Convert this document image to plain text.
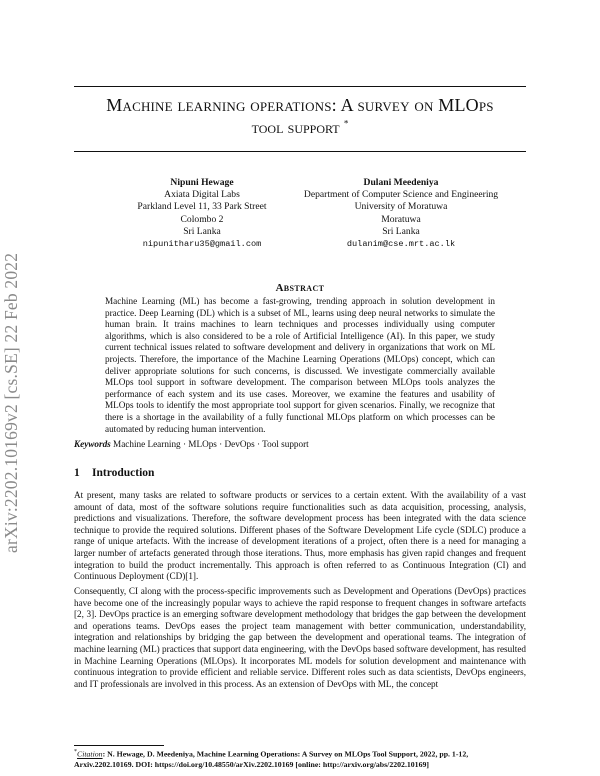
arXiv:2202.10169v2 [cs.SE] 22 Feb 2022
Machine learning operations: A survey on MLOps
tool support *
Nipuni Hewage
Axiata Digital Labs
Parkland Level 11, 33 Park Street
Colombo 2
Sri Lanka
nipunitharu35@gmail.com
Dulani Meedeniya
Department of Computer Science and Engineering
University of Moratuwa
Moratuwa
Sri Lanka
dulanim@cse.mrt.ac.lk
Abstract
Machine Learning (ML) has become a fast-growing, trending approach in solution development in practice. Deep Learning (DL) which is a subset of ML, learns using deep neural networks to simulate the human brain. It trains machines to learn techniques and processes individually using computer algorithms, which is also considered to be a role of Artificial Intelligence (AI). In this paper, we study current technical issues related to software development and delivery in organizations that work on ML projects. Therefore, the importance of the Machine Learning Operations (MLOps) concept, which can deliver appropriate solutions for such concerns, is discussed. We investigate commercially available MLOps tool support in software development. The comparison between MLOps tools analyzes the performance of each system and its use cases. Moreover, we examine the features and usability of MLOps tools to identify the most appropriate tool support for given scenarios. Finally, we recognize that there is a shortage in the availability of a fully functional MLOps platform on which processes can be automated by reducing human intervention.
Keywords Machine Learning · MLOps · DevOps · Tool support
1 Introduction
At present, many tasks are related to software products or services to a certain extent. With the availability of a vast amount of data, most of the software solutions require functionalities such as data acquisition, processing, analysis, predictions and visualizations. Therefore, the software development process has been integrated with the data science technique to provide the required solutions. Different phases of the Software Development Life cycle (SDLC) produce a range of unique artefacts. With the increase of development iterations of a project, often there is a need for managing a larger number of artefacts generated through those iterations. Thus, more emphasis has given rapid changes and frequent integration to build the product incrementally. This approach is often referred to as Continuous Integration (CI) and Continuous Deployment (CD)[1].
Consequently, CI along with the process-specific improvements such as Development and Operations (DevOps) practices have become one of the increasingly popular ways to achieve the rapid response to frequent changes in software artefacts [2, 3]. DevOps practice is an emerging software development methodology that bridges the gap between the development and operations teams. DevOps eases the project team management with better communication, understandability, integration and relationships by bridging the gap between the development and operational teams. The integration of machine learning (ML) practices that support data engineering, with the DevOps based software development, has resulted in Machine Learning Operations (MLOps). It incorporates ML models for solution development and maintenance with continuous integration to provide efficient and reliable service. Different roles such as data scientists, DevOps engineers, and IT professionals are involved in this process. As an extension of DevOps with ML, the concept
*Citation: N. Hewage, D. Meedeniya, Machine Learning Operations: A Survey on MLOps Tool Support, 2022, pp. 1-12, Arxiv.2202.10169. DOI: https://doi.org/10.48550/arXiv.2202.10169 [online: http://arxiv.org/abs/2202.10169]
